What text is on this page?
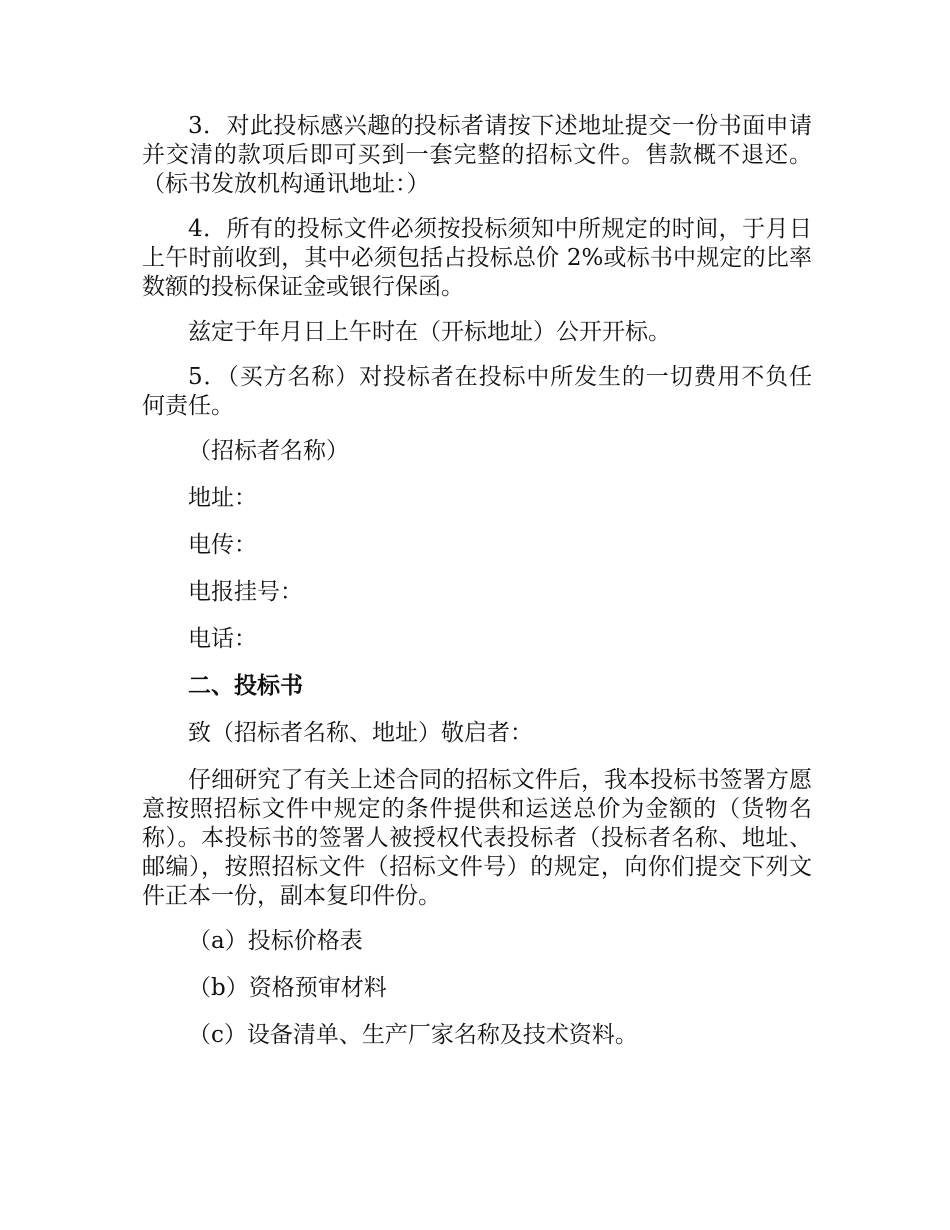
3．对此投标感兴趣的投标者请按下述地址提交一份书面申请并交清的款项后即可买到一套完整的招标文件。售款概不退还。（标书发放机构通讯地址：）

4．所有的投标文件必须按投标须知中所规定的时间，于月日上午时前收到，其中必须包括占投标总价 2%或标书中规定的比率数额的投标保证金或银行保函。

兹定于年月日上午时在（开标地址）公开开标。

5．（买方名称）对投标者在投标中所发生的一切费用不负任何责任。

（招标者名称）

地址：

电传：

电报挂号：

电话：

二、投标书

致（招标者名称、地址）敬启者：

仔细研究了有关上述合同的招标文件后，我本投标书签署方愿意按照招标文件中规定的条件提供和运送总价为金额的（货物名称）。本投标书的签署人被授权代表投标者（投标者名称、地址、邮编），按照招标文件（招标文件号）的规定，向你们提交下列文件正本一份，副本复印件份。

（a）投标价格表

（b）资格预审材料

（c）设备清单、生产厂家名称及技术资料。
